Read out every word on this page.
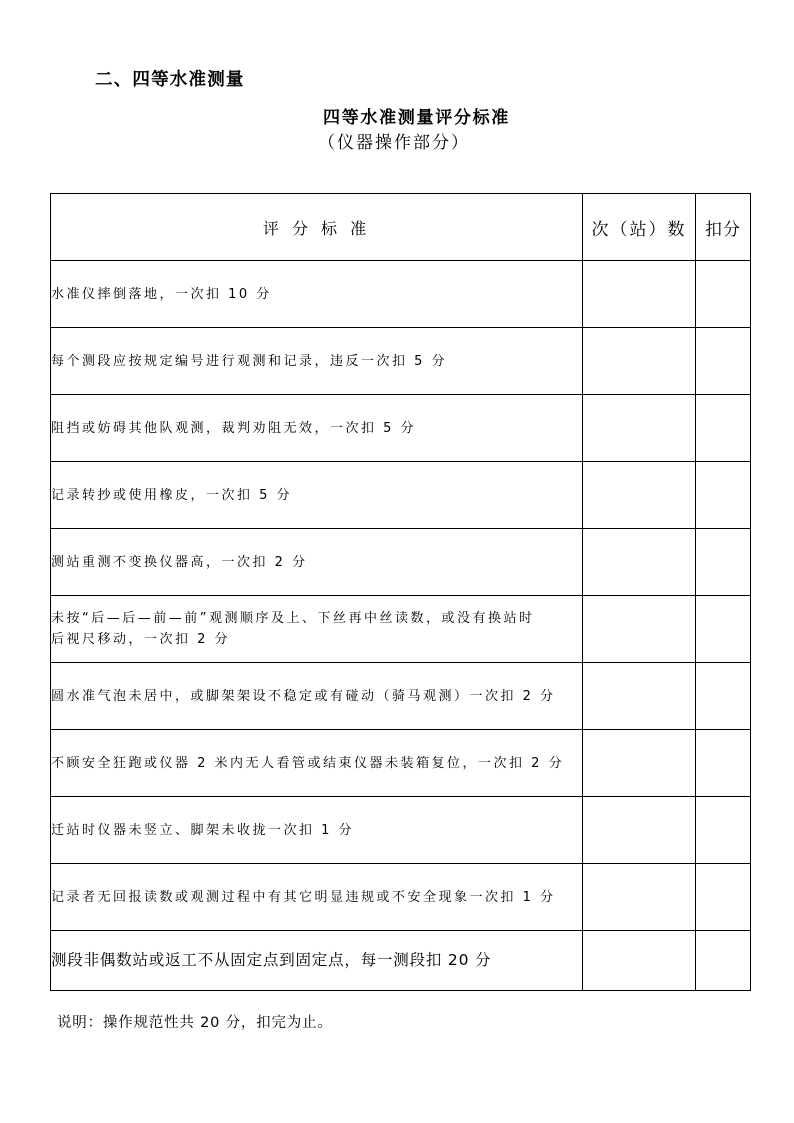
二、四等水准测量
四等水准测量评分标准
（仪器操作部分）
评 分 标 准	次（站）数	扣分

水准仪摔倒落地，一次扣 10 分		

每个测段应按规定编号进行观测和记录，违反一次扣 5 分		

阻挡或妨碍其他队观测，裁判劝阻无效，一次扣 5 分		

记录转抄或使用橡皮，一次扣 5 分		

测站重测不变换仪器高，一次扣 2 分		

未按“后—后—前—前”观测顺序及上、下丝再中丝读数，或没有换站时
后视尺移动，一次扣 2 分		

圆水准气泡未居中，或脚架架设不稳定或有碰动（骑马观测）一次扣 2 分		

不顾安全狂跑或仪器 2 米内无人看管或结束仪器未装箱复位，一次扣 2 分		

迁站时仪器未竖立、脚架未收拢一次扣 1 分		

记录者无回报读数或观测过程中有其它明显违规或不安全现象一次扣 1 分		

测段非偶数站或返工不从固定点到固定点，每一测段扣 20 分		

说明：操作规范性共 20 分，扣完为止。
